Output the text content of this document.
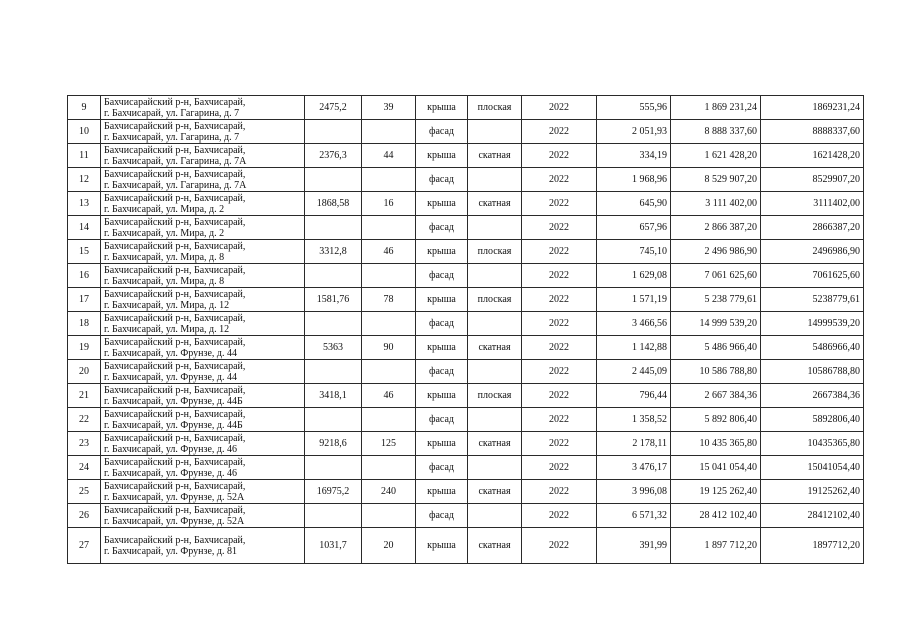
9	Бахчисарайский р-н, Бахчисарай,
г. Бахчисарай, ул. Гагарина, д. 7	2475,2	39	крыша	плоская	2022	555,96	1 869 231,24	1869231,24
10	Бахчисарайский р-н, Бахчисарай,
г. Бахчисарай, ул. Гагарина, д. 7			фасад		2022	2 051,93	8 888 337,60	8888337,60
11	Бахчисарайский р-н, Бахчисарай,
г. Бахчисарай, ул. Гагарина, д. 7А	2376,3	44	крыша	скатная	2022	334,19	1 621 428,20	1621428,20
12	Бахчисарайский р-н, Бахчисарай,
г. Бахчисарай, ул. Гагарина, д. 7А			фасад		2022	1 968,96	8 529 907,20	8529907,20
13	Бахчисарайский р-н, Бахчисарай,
г. Бахчисарай, ул. Мира, д. 2	1868,58	16	крыша	скатная	2022	645,90	3 111 402,00	3111402,00
14	Бахчисарайский р-н, Бахчисарай,
г. Бахчисарай, ул. Мира, д. 2			фасад		2022	657,96	2 866 387,20	2866387,20
15	Бахчисарайский р-н, Бахчисарай,
г. Бахчисарай, ул. Мира, д. 8	3312,8	46	крыша	плоская	2022	745,10	2 496 986,90	2496986,90
16	Бахчисарайский р-н, Бахчисарай,
г. Бахчисарай, ул. Мира, д. 8			фасад		2022	1 629,08	7 061 625,60	7061625,60
17	Бахчисарайский р-н, Бахчисарай,
г. Бахчисарай, ул. Мира, д. 12	1581,76	78	крыша	плоская	2022	1 571,19	5 238 779,61	5238779,61
18	Бахчисарайский р-н, Бахчисарай,
г. Бахчисарай, ул. Мира, д. 12			фасад		2022	3 466,56	14 999 539,20	14999539,20
19	Бахчисарайский р-н, Бахчисарай,
г. Бахчисарай, ул. Фрунзе, д. 44	5363	90	крыша	скатная	2022	1 142,88	5 486 966,40	5486966,40
20	Бахчисарайский р-н, Бахчисарай,
г. Бахчисарай, ул. Фрунзе, д. 44			фасад		2022	2 445,09	10 586 788,80	10586788,80
21	Бахчисарайский р-н, Бахчисарай,
г. Бахчисарай, ул. Фрунзе, д. 44Б	3418,1	46	крыша	плоская	2022	796,44	2 667 384,36	2667384,36
22	Бахчисарайский р-н, Бахчисарай,
г. Бахчисарай, ул. Фрунзе, д. 44Б			фасад		2022	1 358,52	5 892 806,40	5892806,40
23	Бахчисарайский р-н, Бахчисарай,
г. Бахчисарай, ул. Фрунзе, д. 46	9218,6	125	крыша	скатная	2022	2 178,11	10 435 365,80	10435365,80
24	Бахчисарайский р-н, Бахчисарай,
г. Бахчисарай, ул. Фрунзе, д. 46			фасад		2022	3 476,17	15 041 054,40	15041054,40
25	Бахчисарайский р-н, Бахчисарай,
г. Бахчисарай, ул. Фрунзе, д. 52А	16975,2	240	крыша	скатная	2022	3 996,08	19 125 262,40	19125262,40
26	Бахчисарайский р-н, Бахчисарай,
г. Бахчисарай, ул. Фрунзе, д. 52А			фасад		2022	6 571,32	28 412 102,40	28412102,40
27	Бахчисарайский р-н, Бахчисарай,
г. Бахчисарай, ул. Фрунзе, д. 81	1031,7	20	крыша	скатная	2022	391,99	1 897 712,20	1897712,20
